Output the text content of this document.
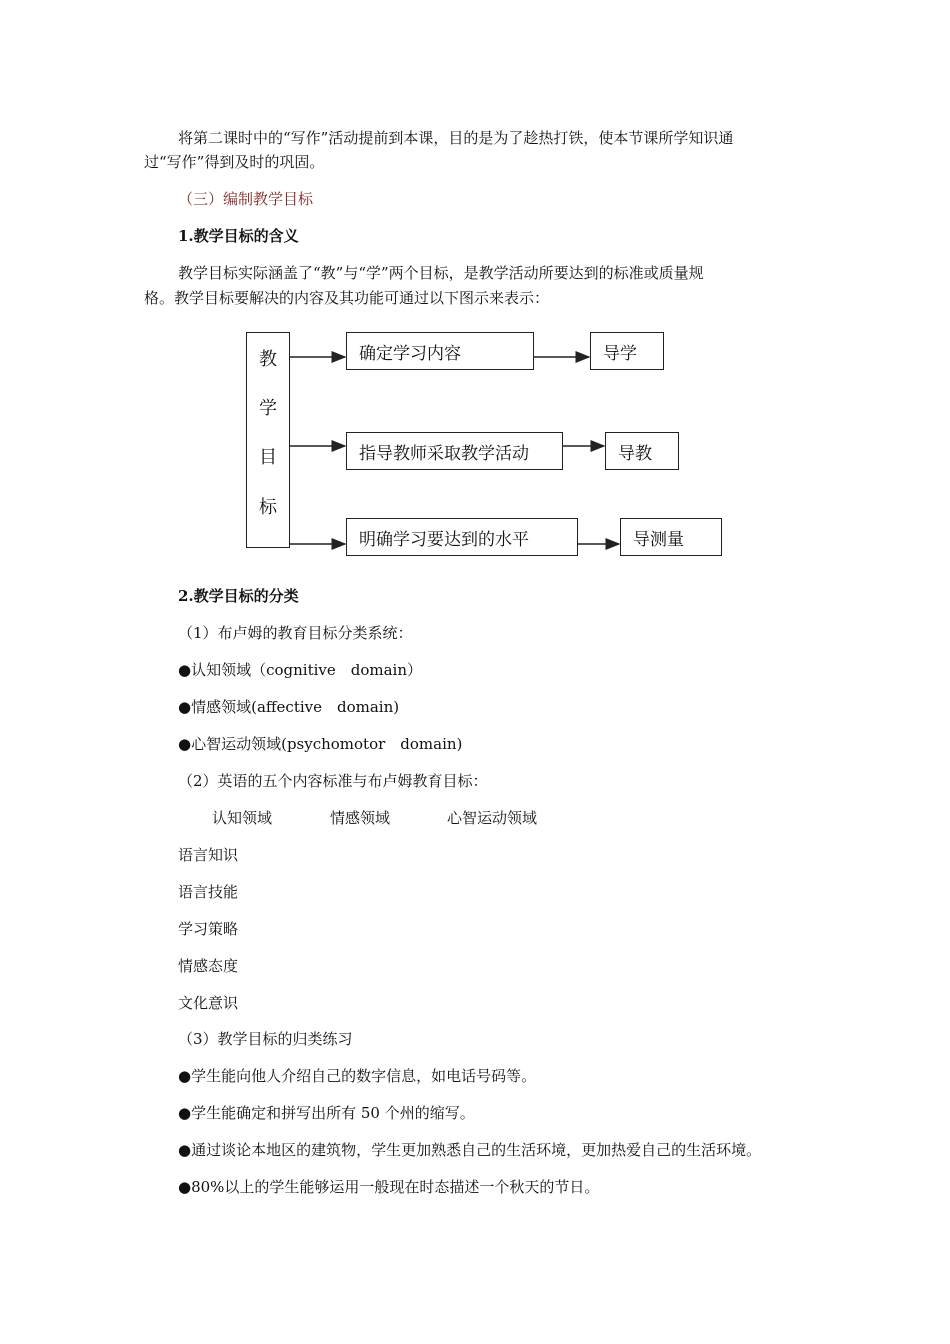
将第二课时中的“写作”活动提前到本课，目的是为了趁热打铁，使本节课所学知识通
过“写作”得到及时的巩固。
（三）编制教学目标
1.教学目标的含义
教学目标实际涵盖了“教”与“学”两个目标，是教学活动所要达到的标准或质量规
格。教学目标要解决的内容及其功能可通过以下图示来表示：
教
学
目
标
确定学习内容	导学
指导教师采取教学活动	导教
明确学习要达到的水平	导测量
2.教学目标的分类
（1）布卢姆的教育目标分类系统：
●认知领域（cognitive　domain）
●情感领域(affective　domain)
●心智运动领域(psychomotor　domain)
（2）英语的五个内容标准与布卢姆教育目标：
认知领域	情感领域	心智运动领域
语言知识
语言技能
学习策略
情感态度
文化意识
（3）教学目标的归类练习
●学生能向他人介绍自己的数字信息，如电话号码等。
●学生能确定和拼写出所有 50 个州的缩写。
●通过谈论本地区的建筑物，学生更加熟悉自己的生活环境，更加热爱自己的生活环境。
●80%以上的学生能够运用一般现在时态描述一个秋天的节日。
